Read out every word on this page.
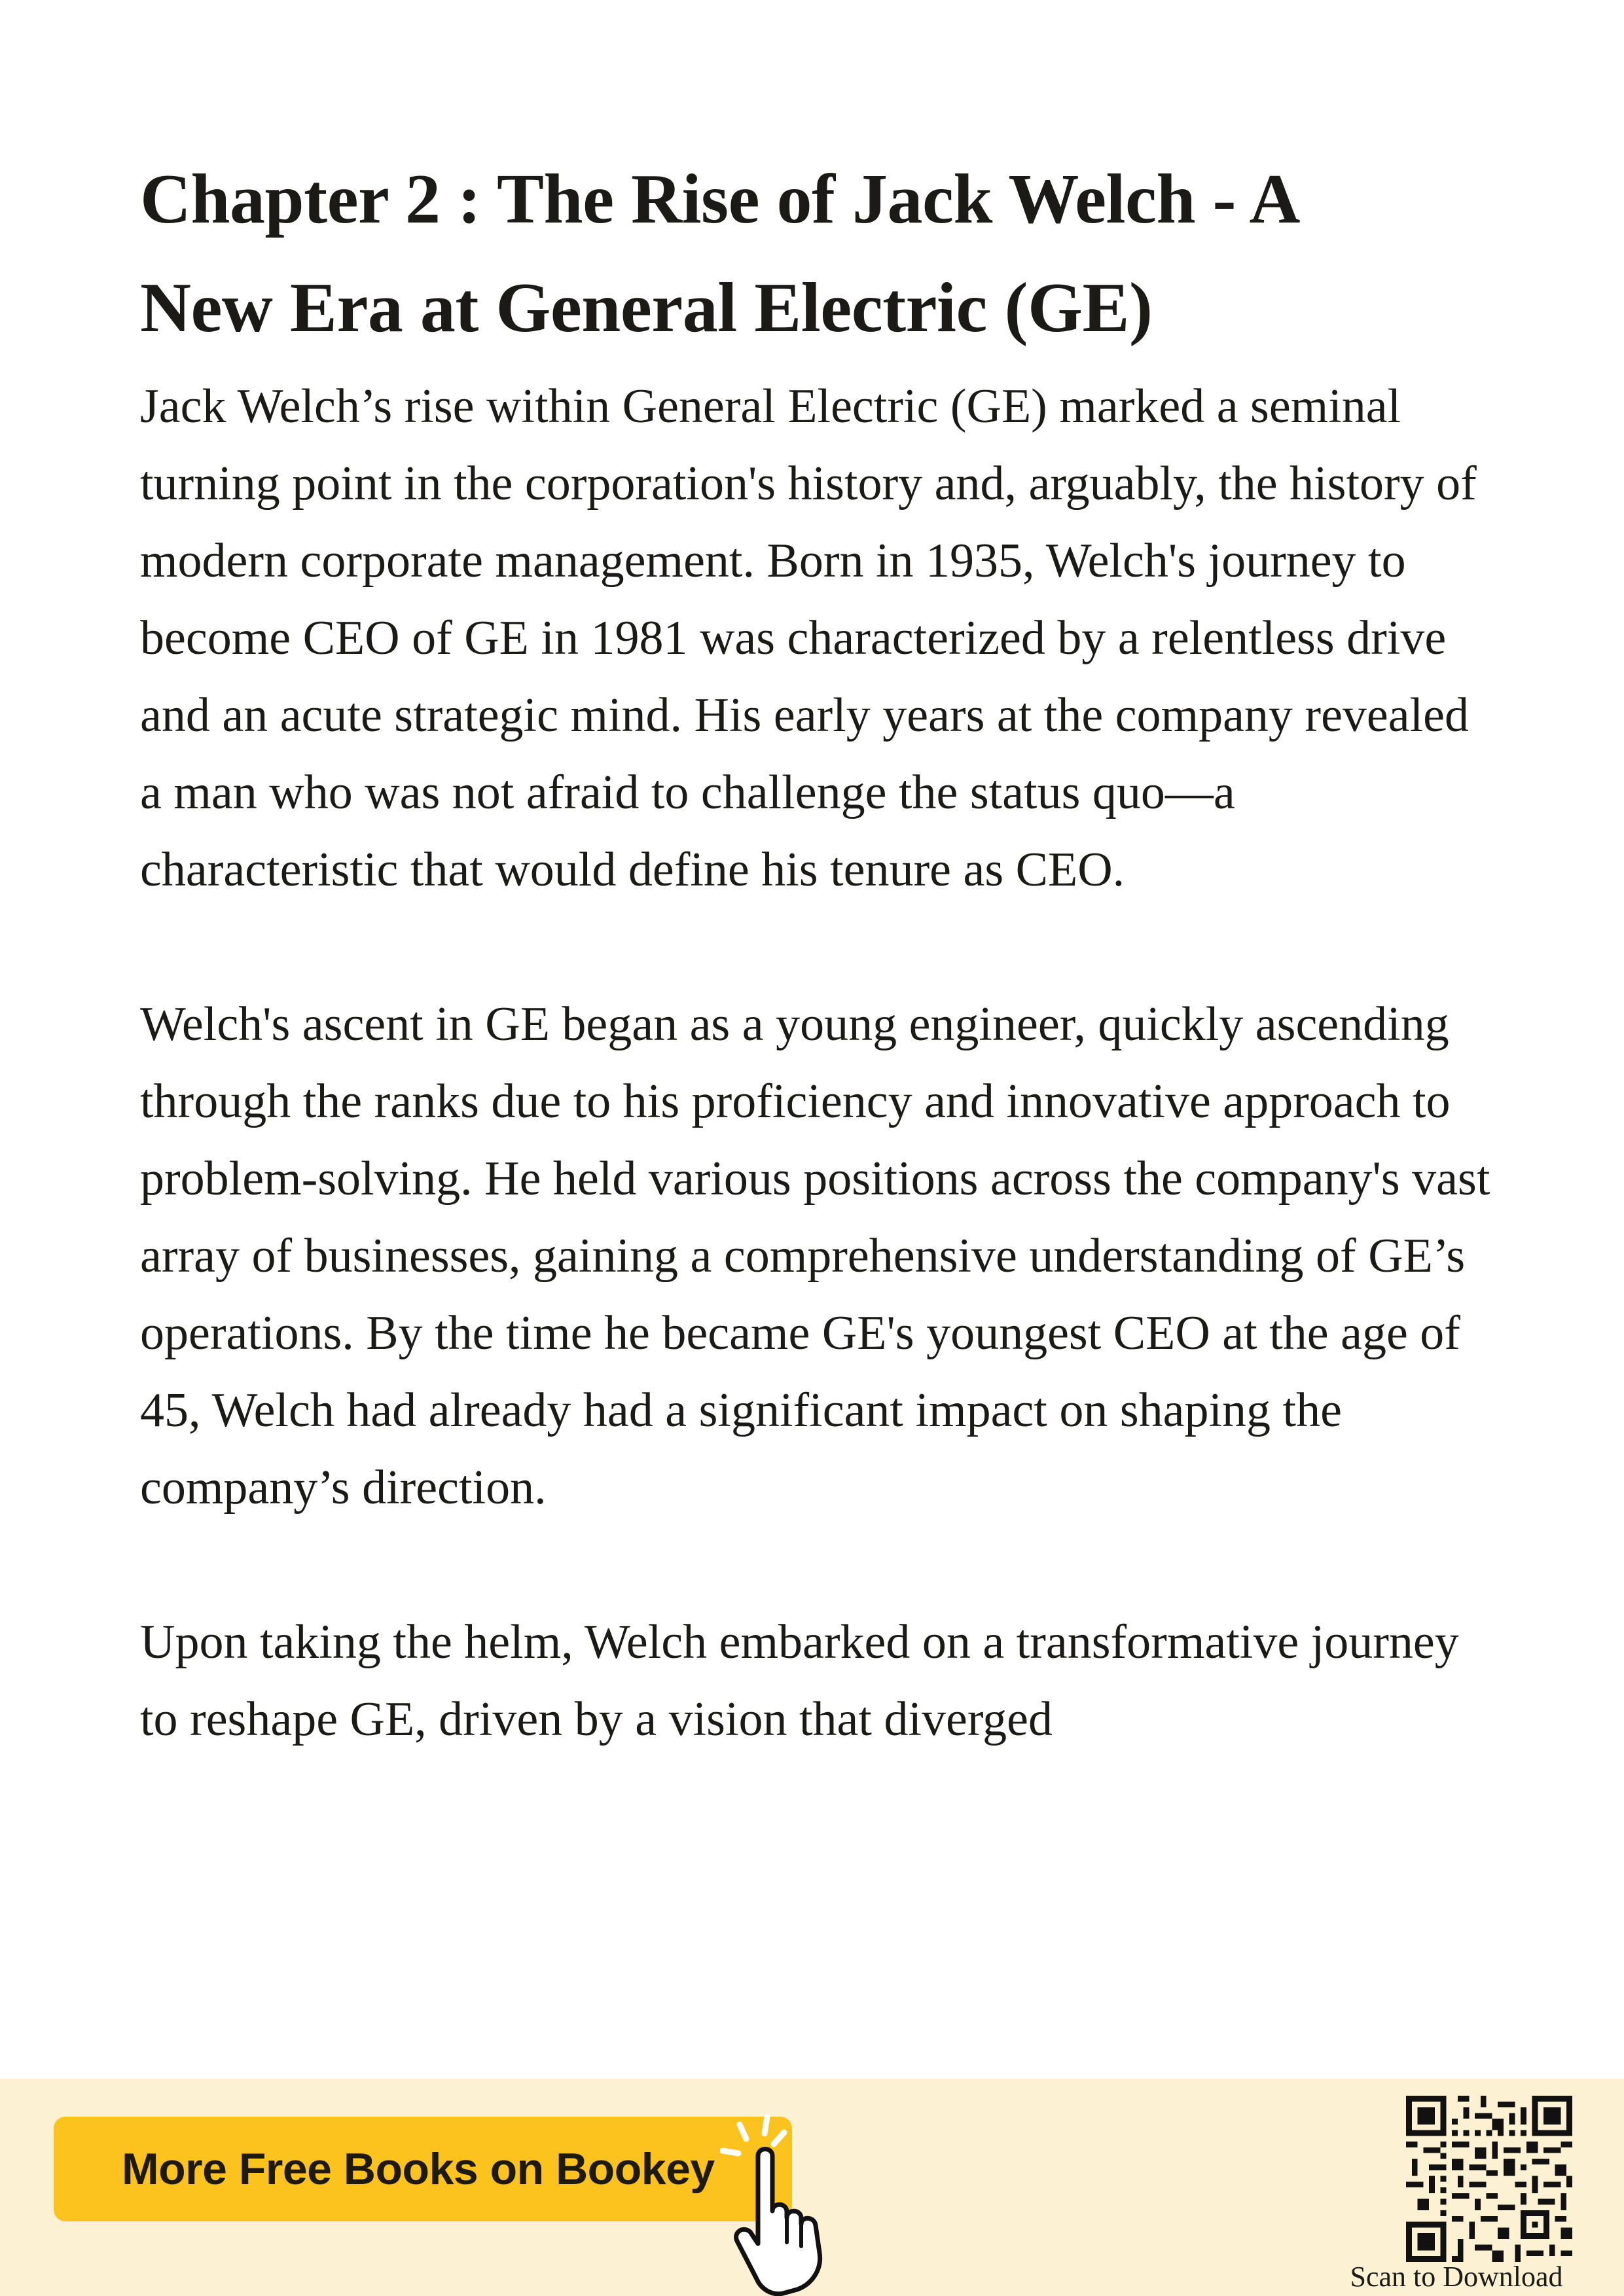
Chapter 2 : The Rise of Jack Welch - A
New Era at General Electric (GE)

Jack Welch’s rise within General Electric (GE) marked a seminal turning point in the corporation's history and, arguably, the history of modern corporate management. Born in 1935, Welch's journey to become CEO of GE in 1981 was characterized by a relentless drive and an acute strategic mind. His early years at the company revealed a man who was not afraid to challenge the status quo—a characteristic that would define his tenure as CEO.

Welch's ascent in GE began as a young engineer, quickly ascending through the ranks due to his proficiency and innovative approach to problem-solving. He held various positions across the company's vast array of businesses, gaining a comprehensive understanding of GE’s operations. By the time he became GE's youngest CEO at the age of 45, Welch had already had a significant impact on shaping the company’s direction.

Upon taking the helm, Welch embarked on a transformative journey to reshape GE, driven by a vision that diverged

More Free Books on Bookey
Scan to Download
